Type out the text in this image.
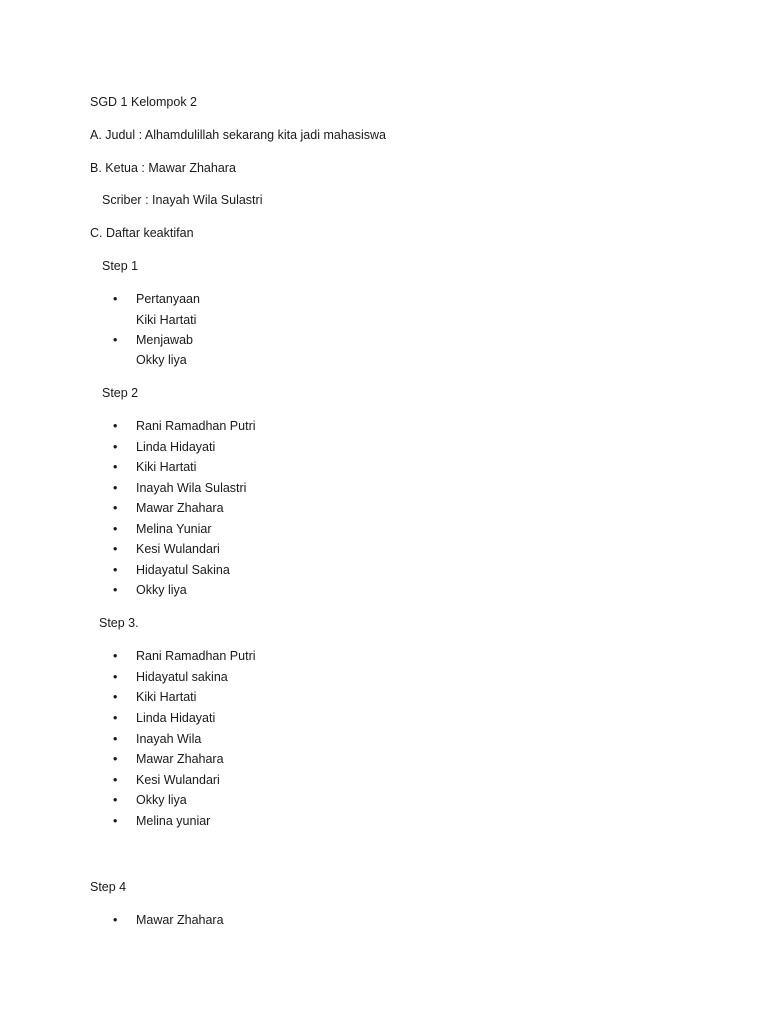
SGD 1 Kelompok 2
A. Judul : Alhamdulillah sekarang kita jadi mahasiswa
B. Ketua : Mawar Zhahara
Scriber : Inayah Wila Sulastri
C. Daftar keaktifan
Step 1
• Pertanyaan
Kiki Hartati
• Menjawab
Okky liya
Step 2
• Rani Ramadhan Putri
• Linda Hidayati
• Kiki Hartati
• Inayah Wila Sulastri
• Mawar Zhahara
• Melina Yuniar
• Kesi Wulandari
• Hidayatul Sakina
• Okky liya
Step 3.
• Rani Ramadhan Putri
• Hidayatul sakina
• Kiki Hartati
• Linda Hidayati
• Inayah Wila
• Mawar Zhahara
• Kesi Wulandari
• Okky liya
• Melina yuniar
Step 4
• Mawar Zhahara
